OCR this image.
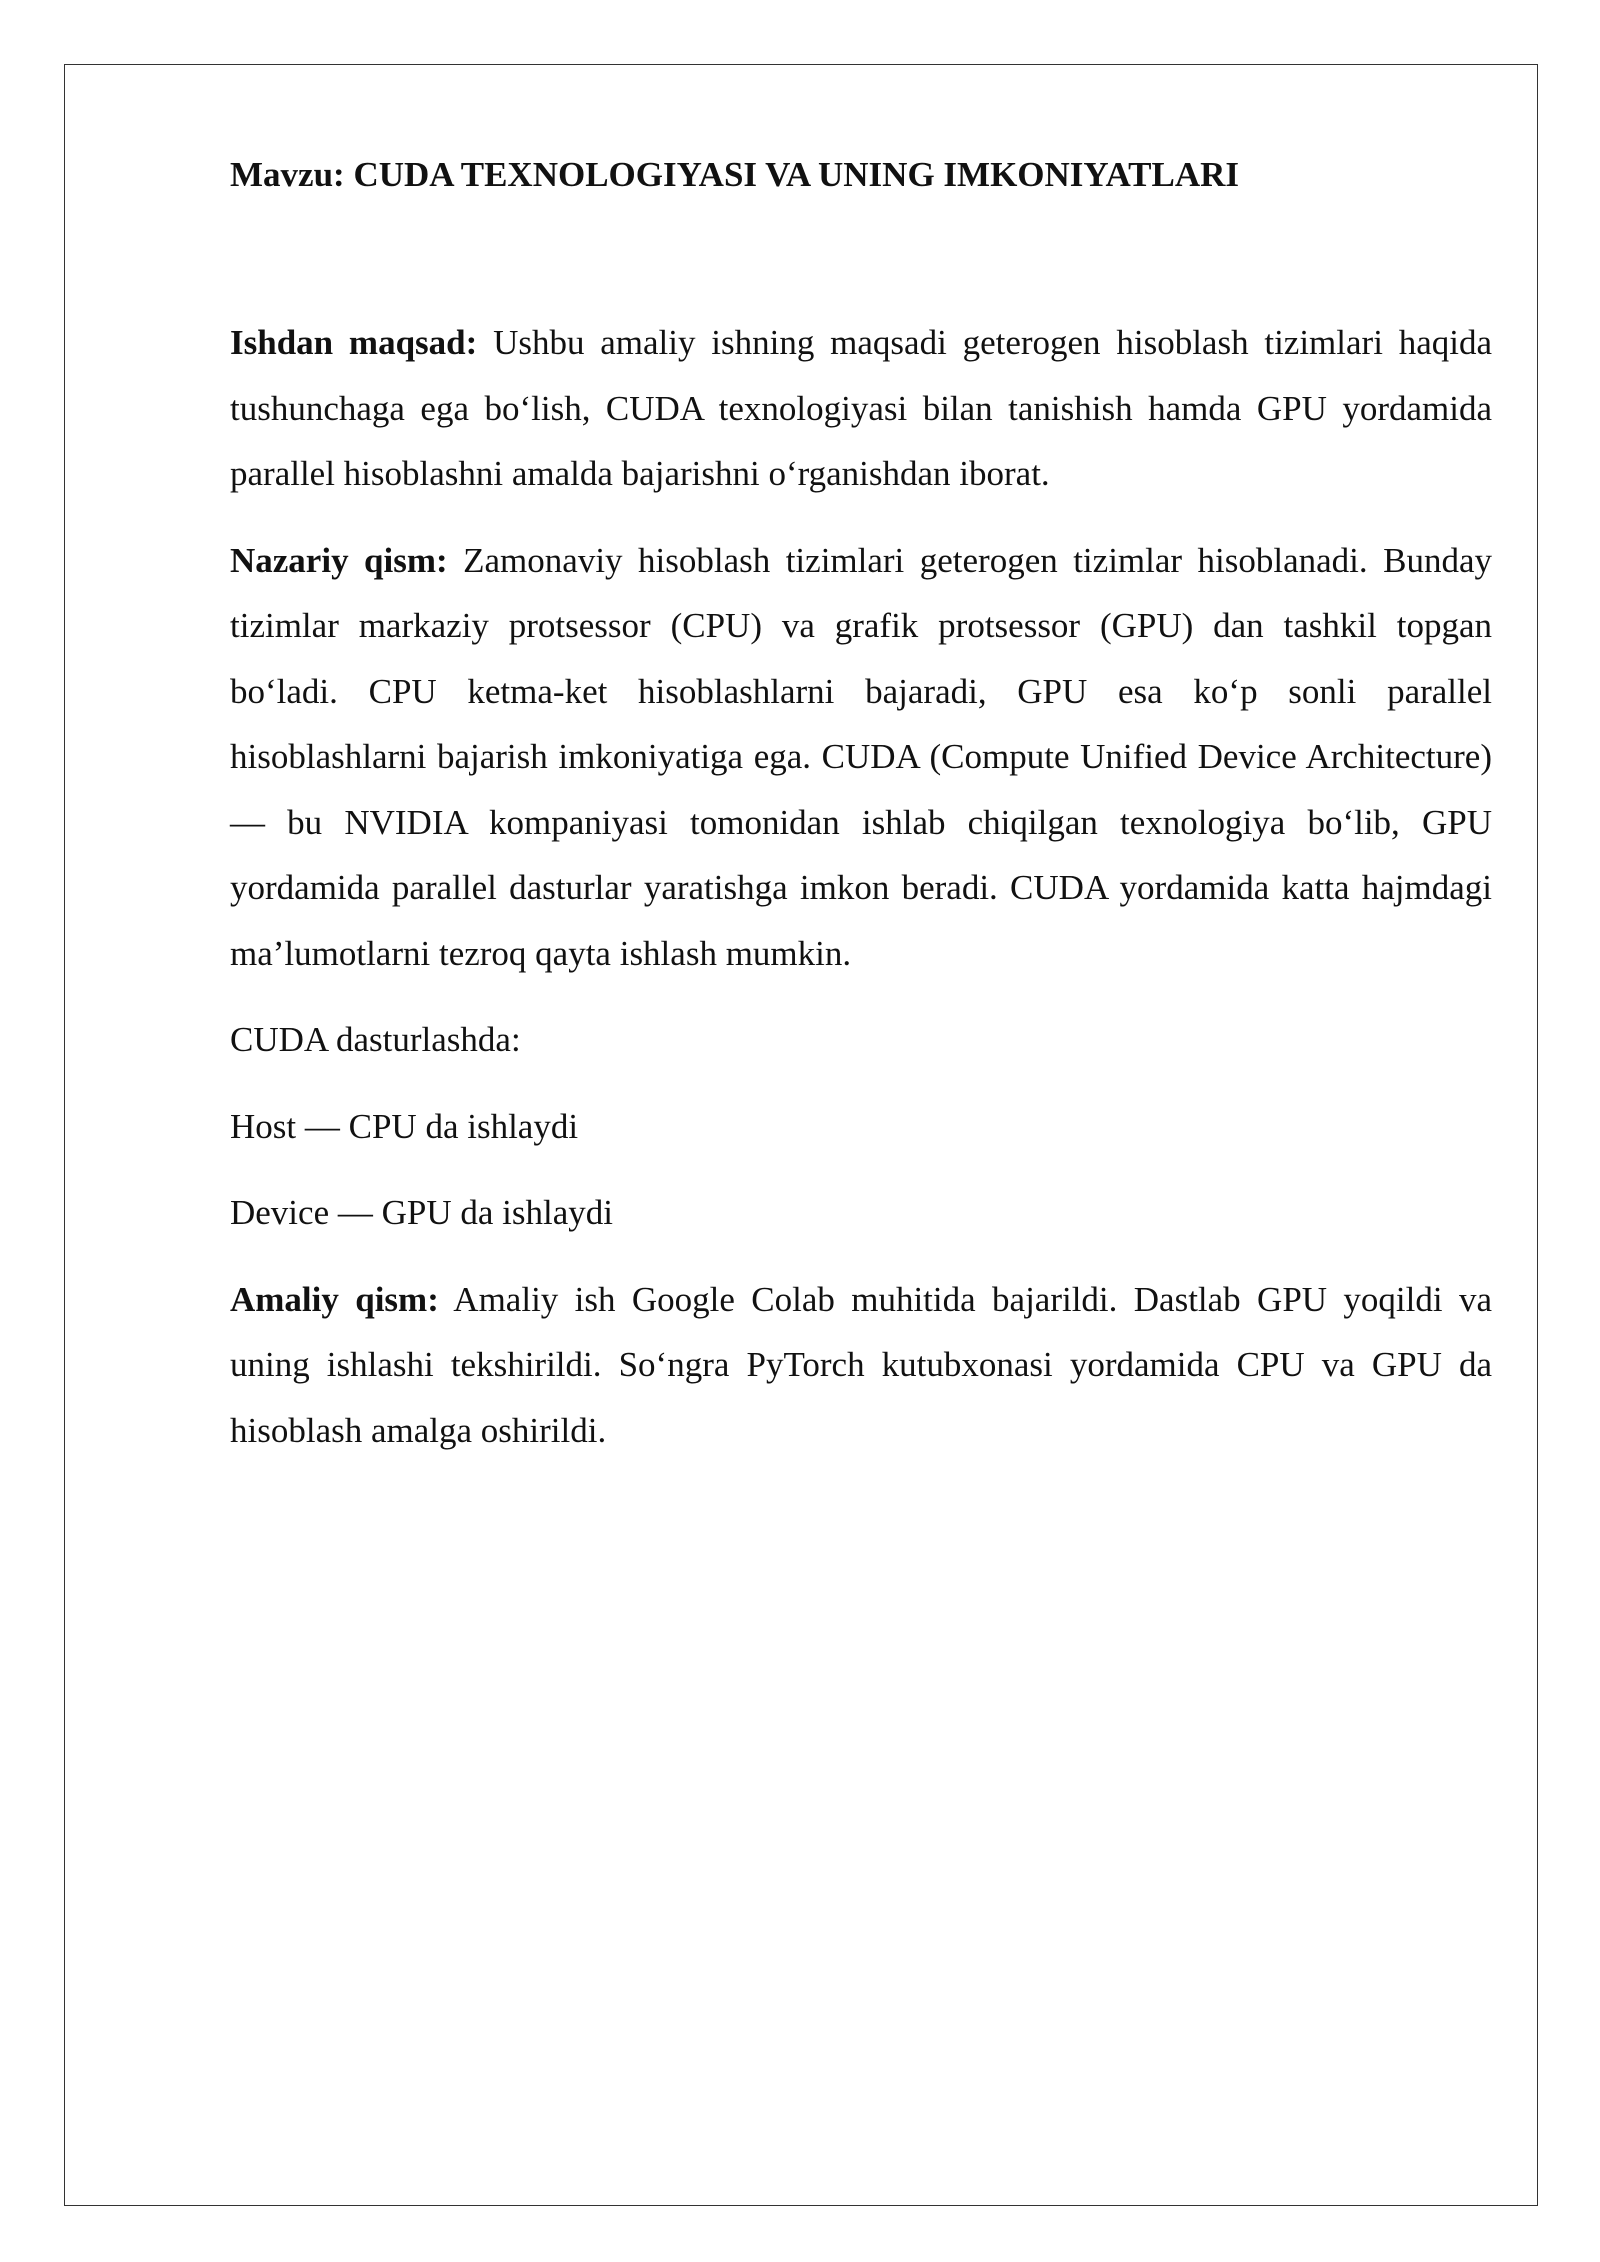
Mavzu: CUDA TEXNOLOGIYASI VA UNING IMKONIYATLARI

Ishdan maqsad: Ushbu amaliy ishning maqsadi geterogen hisoblash tizimlari haqida tushunchaga ega bo‘lish, CUDA texnologiyasi bilan tanishish hamda GPU yordamida parallel hisoblashni amalda bajarishni o‘rganishdan iborat.

Nazariy qism: Zamonaviy hisoblash tizimlari geterogen tizimlar hisoblanadi. Bunday tizimlar markaziy protsessor (CPU) va grafik protsessor (GPU) dan tashkil topgan bo‘ladi. CPU ketma-ket hisoblashlarni bajaradi, GPU esa ko‘p sonli parallel hisoblashlarni bajarish imkoniyatiga ega. CUDA (Compute Unified Device Architecture) — bu NVIDIA kompaniyasi tomonidan ishlab chiqilgan texnologiya bo‘lib, GPU yordamida parallel dasturlar yaratishga imkon beradi. CUDA yordamida katta hajmdagi ma’lumotlarni tezroq qayta ishlash mumkin.

CUDA dasturlashda:

Host — CPU da ishlaydi

Device — GPU da ishlaydi

Amaliy qism: Amaliy ish Google Colab muhitida bajarildi. Dastlab GPU yoqildi va uning ishlashi tekshirildi. So‘ngra PyTorch kutubxonasi yordamida CPU va GPU da hisoblash amalga oshirildi.
